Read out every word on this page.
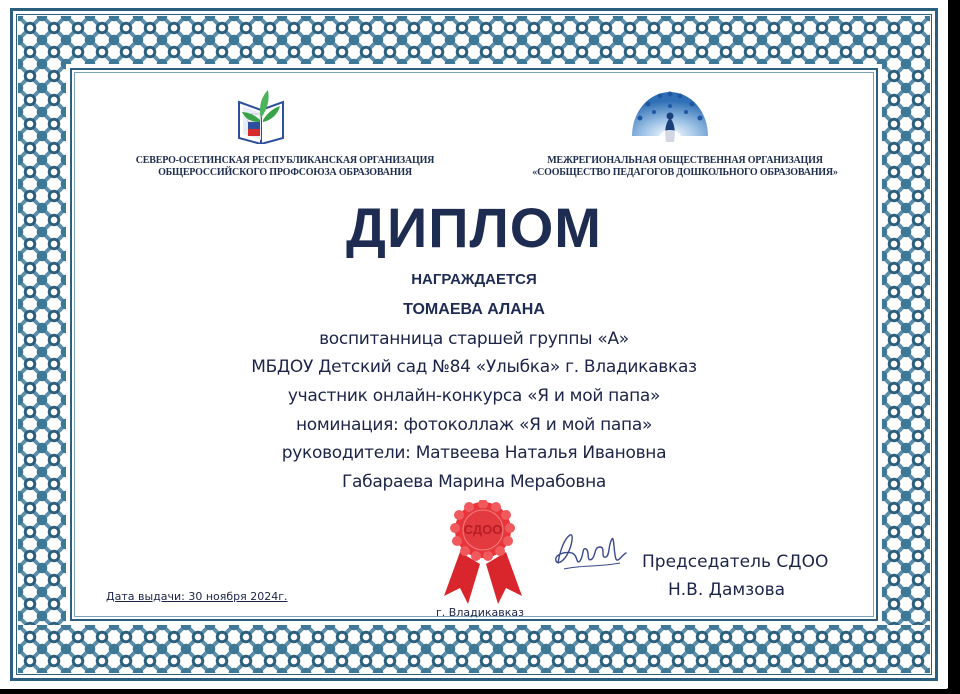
СЕВЕРО-ОСЕТИНСКАЯ РЕСПУБЛИКАНСКАЯ ОРГАНИЗАЦИЯ
ОБЩЕРОССИЙСКОГО ПРОФСОЮЗА ОБРАЗОВАНИЯ
МЕЖРЕГИОНАЛЬНАЯ ОБЩЕСТВЕННАЯ ОРГАНИЗАЦИЯ
«СООБЩЕСТВО ПЕДАГОГОВ ДОШКОЛЬНОГО ОБРАЗОВАНИЯ»
ДИПЛОМ
НАГРАЖДАЕТСЯ
ТОМАЕВА АЛАНА
воспитанница старшей группы «А»
МБДОУ Детский сад №84 «Улыбка» г. Владикавказ
участник онлайн-конкурса «Я и мой папа»
номинация: фотоколлаж «Я и мой папа»
руководители: Матвеева Наталья Ивановна
Габараева Марина Мерабовна
Дата выдачи: 30 ноября 2024г.
СДОО
г. Владикавказ
Председатель СДОО
Н.В. Дамзова
